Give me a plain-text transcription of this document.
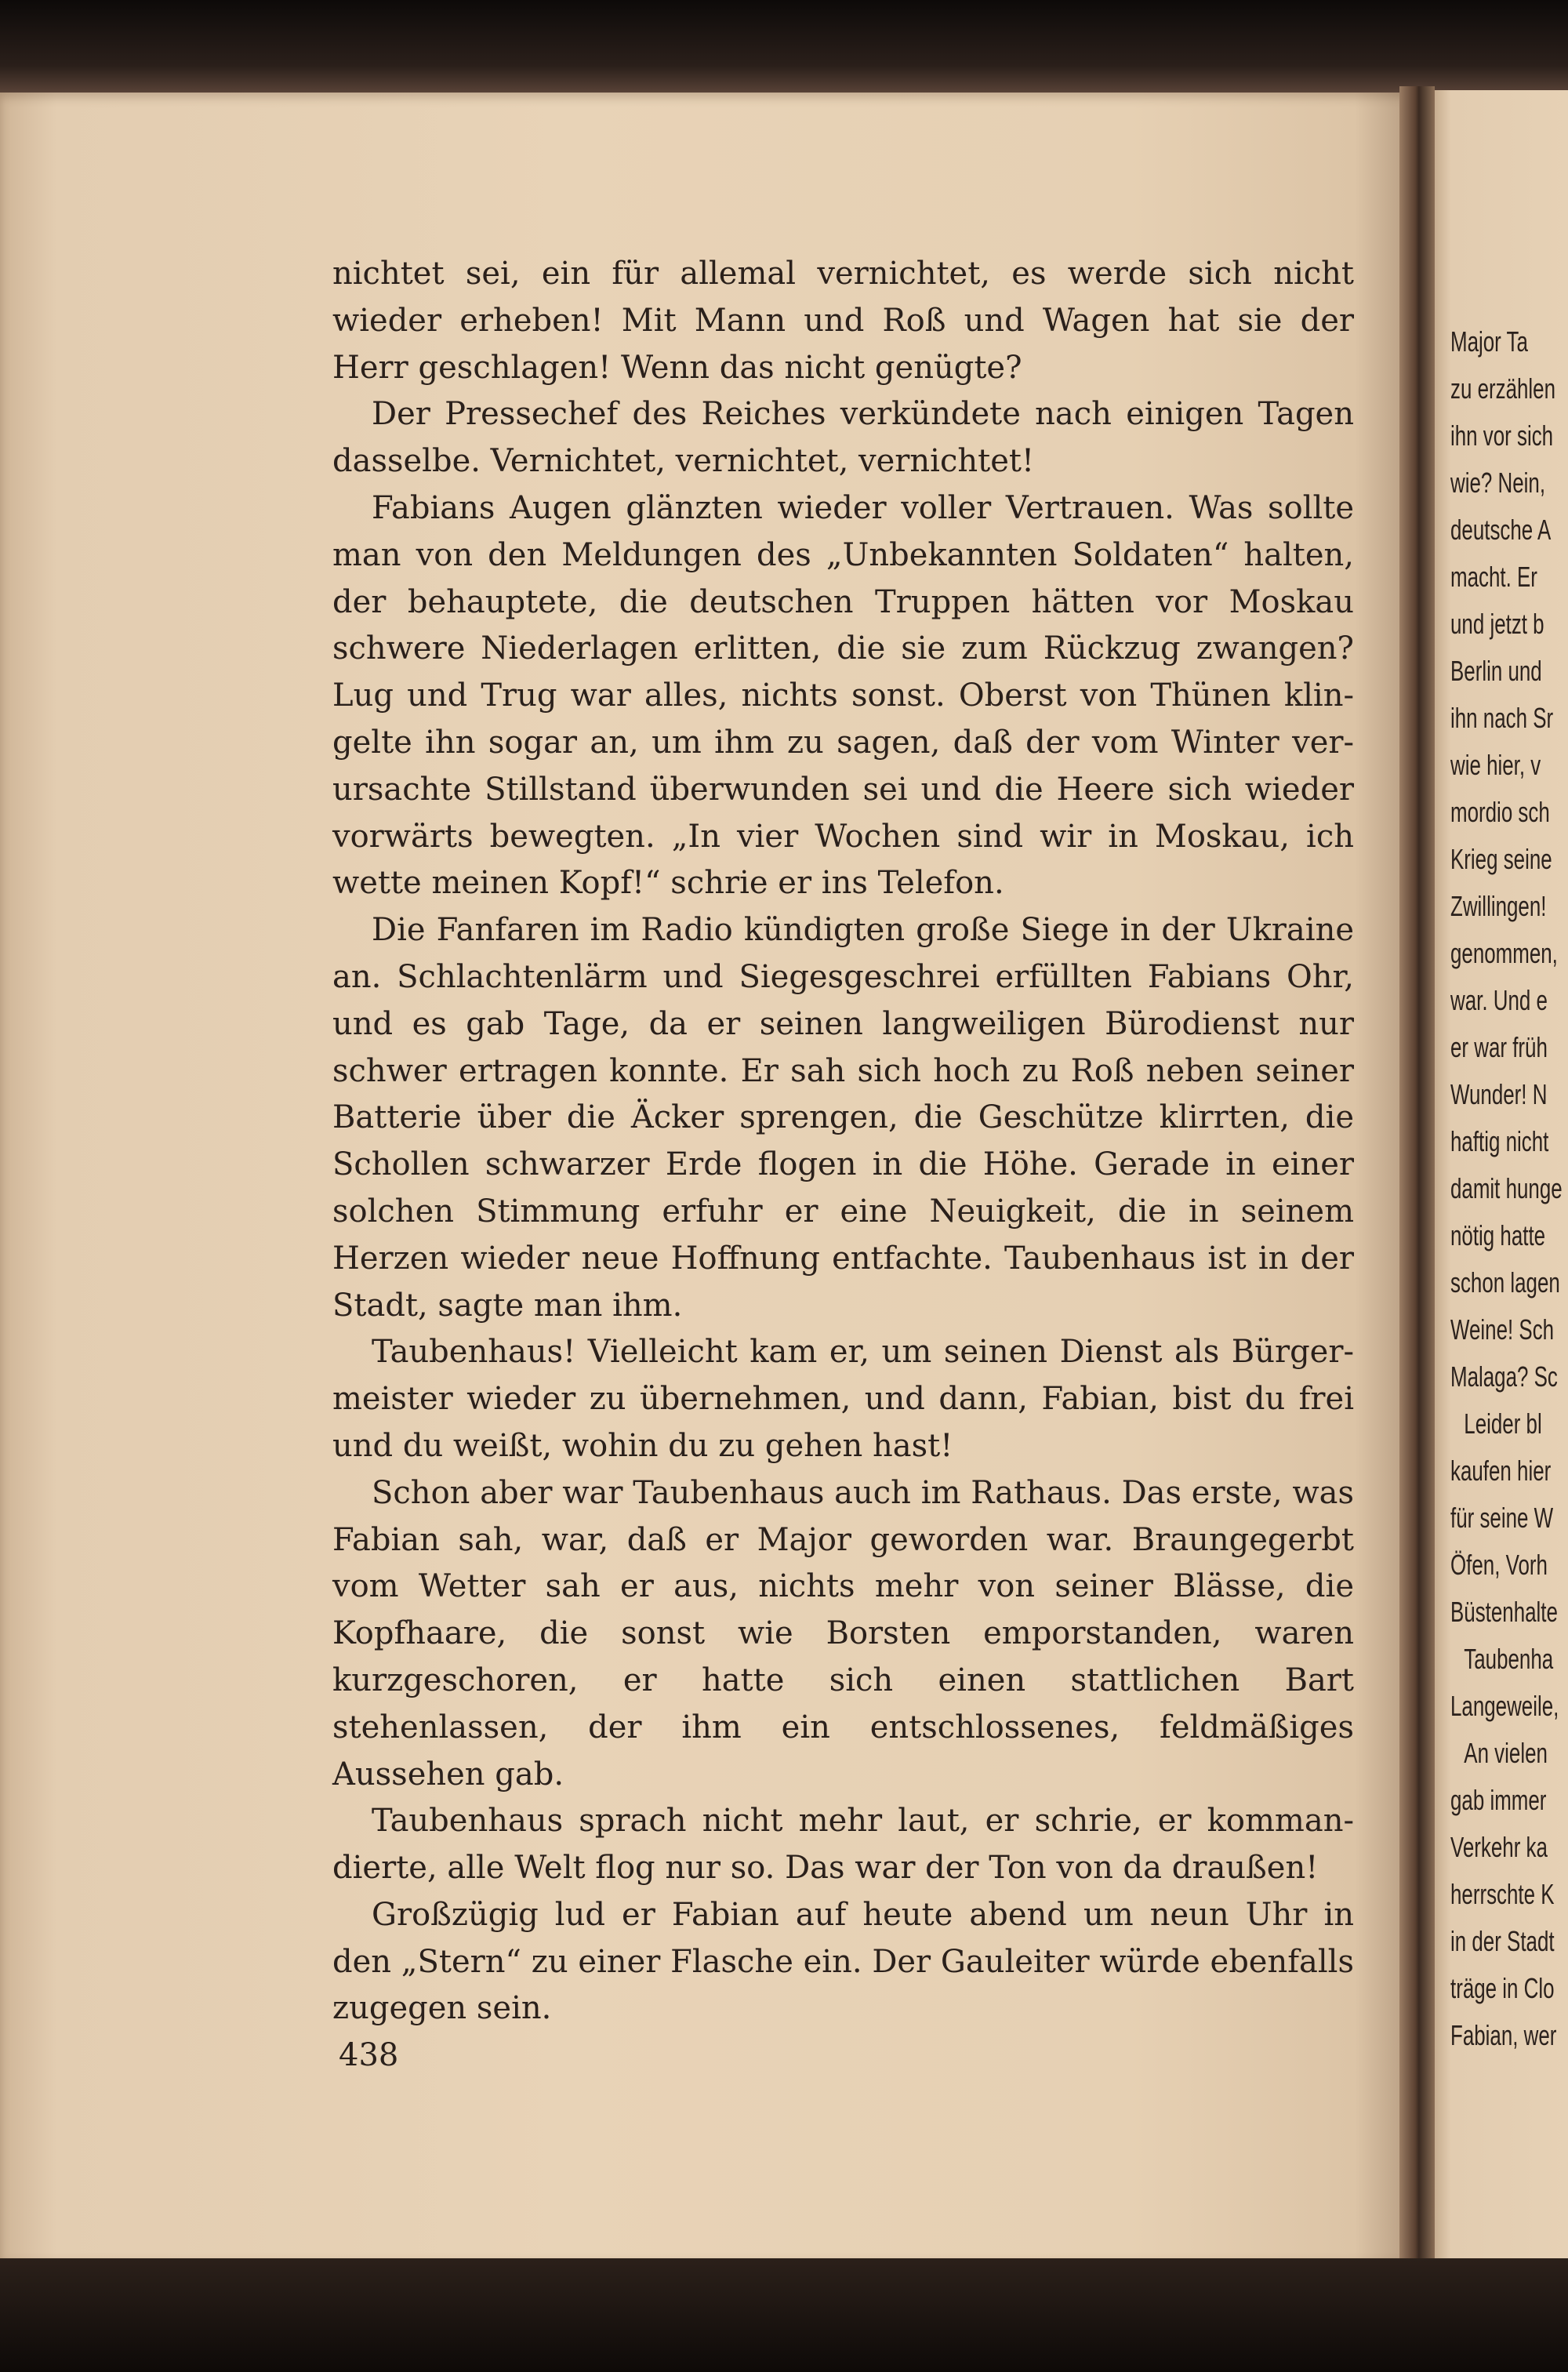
nichtet sei, ein für allemal vernichtet, es werde sich nicht wieder erheben! Mit Mann und Roß und Wagen hat sie der Herr geschlagen! Wenn das nicht genügte?

Der Pressechef des Reiches verkündete nach einigen Tagen dasselbe. Vernichtet, vernichtet, vernichtet!

Fabians Augen glänzten wieder voller Vertrauen. Was sollte man von den Meldungen des „Unbekannten Soldaten“ halten, der behauptete, die deutschen Truppen hätten vor Moskau schwere Niederlagen erlitten, die sie zum Rückzug zwangen? Lug und Trug war alles, nichts sonst. Oberst von Thünen klingelte ihn sogar an, um ihm zu sagen, daß der vom Winter verursachte Stillstand überwunden sei und die Heere sich wieder vorwärts bewegten. „In vier Wochen sind wir in Moskau, ich wette meinen Kopf!“ schrie er ins Telefon.

Die Fanfaren im Radio kündigten große Siege in der Ukraine an. Schlachtenlärm und Siegesgeschrei erfüllten Fabians Ohr, und es gab Tage, da er seinen langweiligen Bürodienst nur schwer ertragen konnte. Er sah sich hoch zu Roß neben seiner Batterie über die Äcker sprengen, die Geschütze klirrten, die Schollen schwarzer Erde flogen in die Höhe. Gerade in einer solchen Stimmung erfuhr er eine Neuigkeit, die in seinem Herzen wieder neue Hoffnung entfachte. Taubenhaus ist in der Stadt, sagte man ihm.

Taubenhaus! Vielleicht kam er, um seinen Dienst als Bürgermeister wieder zu übernehmen, und dann, Fabian, bist du frei und du weißt, wohin du zu gehen hast!

Schon aber war Taubenhaus auch im Rathaus. Das erste, was Fabian sah, war, daß er Major geworden war. Braungegerbt vom Wetter sah er aus, nichts mehr von seiner Blässe, die Kopfhaare, die sonst wie Borsten emporstanden, waren kurzgeschoren, er hatte sich einen stattlichen Bart stehenlassen, der ihm ein entschlossenes, feldmäßiges Aussehen gab.

Taubenhaus sprach nicht mehr laut, er schrie, er kommandierte, alle Welt flog nur so. Das war der Ton von da draußen!

Großzügig lud er Fabian auf heute abend um neun Uhr in den „Stern“ zu einer Flasche ein. Der Gauleiter würde ebenfalls zugegen sein.

438
Major Ta
zu erzählen
ihn vor sich
wie? Nein,
deutsche A
macht. Er
und jetzt b
Berlin und
ihn nach Sr
wie hier, v
mordio sch
Krieg seine
Zwillingen!
genommen,
war. Und e
er war früh
Wunder! N
haftig nicht
damit hunge
nötig hatte
schon lagen
Weine! Sch
Malaga? Sc
Leider bl
kaufen hier
für seine W
Öfen, Vorh
Büstenhalte
Taubenha
Langeweile,
An vielen
gab immer
Verkehr ka
herrschte K
in der Stadt
träge in Clo
Fabian, wer
